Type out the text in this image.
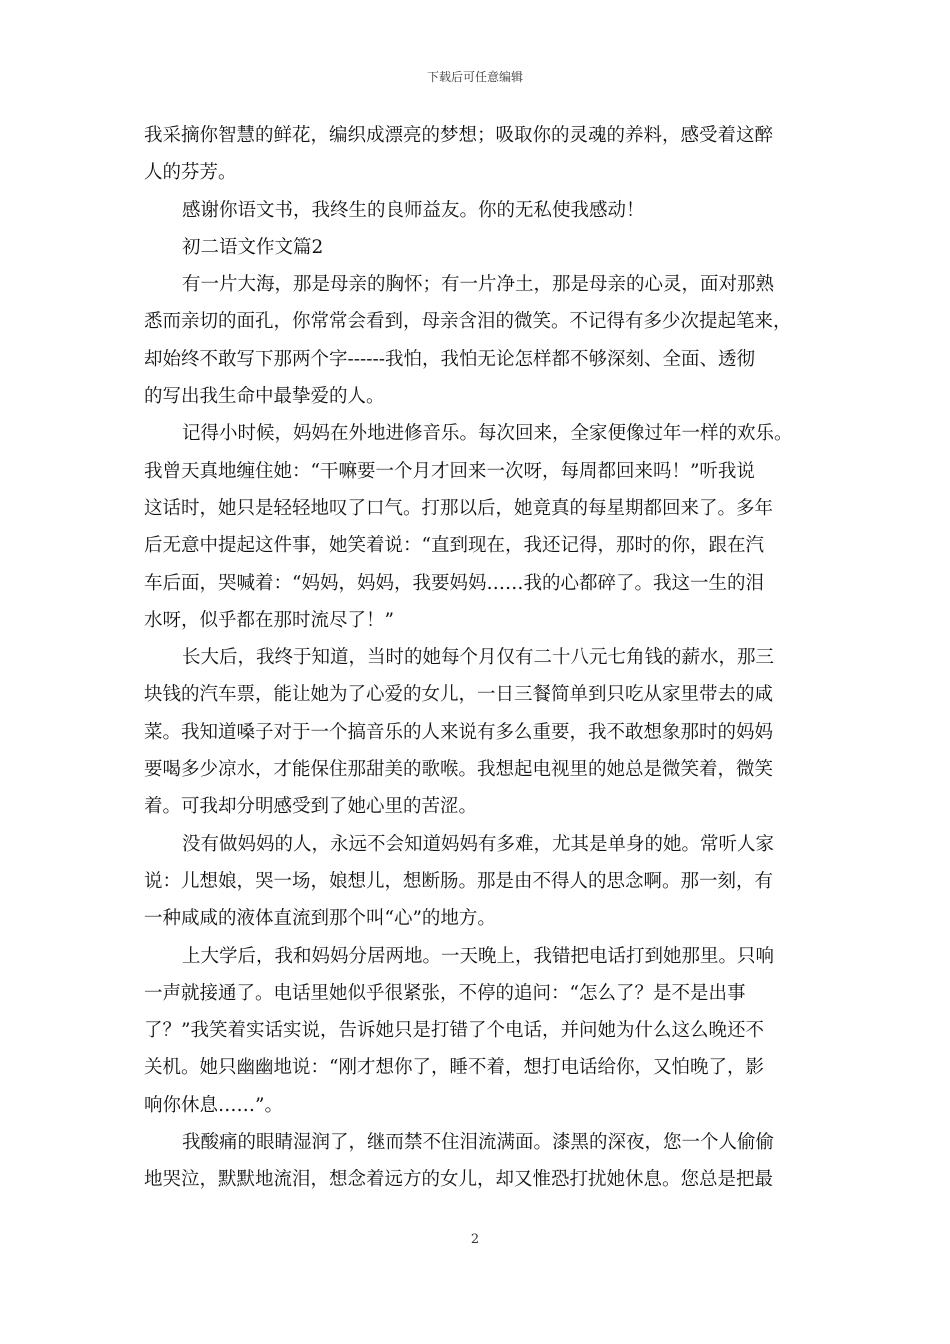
下载后可任意编辑
我采摘你智慧的鲜花，编织成漂亮的梦想；吸取你的灵魂的养料，感受着这醉
人的芬芳。
感谢你语文书，我终生的良师益友。你的无私使我感动！
初二语文作文篇2
有一片大海，那是母亲的胸怀；有一片净土，那是母亲的心灵，面对那熟
悉而亲切的面孔，你常常会看到，母亲含泪的微笑。不记得有多少次提起笔来，
却始终不敢写下那两个字------我怕，我怕无论怎样都不够深刻、全面、透彻
的写出我生命中最挚爱的人。
记得小时候，妈妈在外地进修音乐。每次回来，全家便像过年一样的欢乐。
我曾天真地缠住她：“干嘛要一个月才回来一次呀，每周都回来吗！”听我说
这话时，她只是轻轻地叹了口气。打那以后，她竟真的每星期都回来了。多年
后无意中提起这件事，她笑着说：“直到现在，我还记得，那时的你，跟在汽
车后面，哭喊着：“妈妈，妈妈，我要妈妈……我的心都碎了。我这一生的泪
水呀，似乎都在那时流尽了！”
长大后，我终于知道，当时的她每个月仅有二十八元七角钱的薪水，那三
块钱的汽车票，能让她为了心爱的女儿，一日三餐简单到只吃从家里带去的咸
菜。我知道嗓子对于一个搞音乐的人来说有多么重要，我不敢想象那时的妈妈
要喝多少凉水，才能保住那甜美的歌喉。我想起电视里的她总是微笑着，微笑
着。可我却分明感受到了她心里的苦涩。
没有做妈妈的人，永远不会知道妈妈有多难，尤其是单身的她。常听人家
说：儿想娘，哭一场，娘想儿，想断肠。那是由不得人的思念啊。那一刻，有
一种咸咸的液体直流到那个叫“心”的地方。
上大学后，我和妈妈分居两地。一天晚上，我错把电话打到她那里。只响
一声就接通了。电话里她似乎很紧张，不停的追问：“怎么了？是不是出事
了？”我笑着实话实说，告诉她只是打错了个电话，并问她为什么这么晚还不
关机。她只幽幽地说：“刚才想你了，睡不着，想打电话给你，又怕晚了，影
响你休息……”。
我酸痛的眼睛湿润了，继而禁不住泪流满面。漆黑的深夜，您一个人偷偷
地哭泣，默默地流泪，想念着远方的女儿，却又惟恐打扰她休息。您总是把最
2
